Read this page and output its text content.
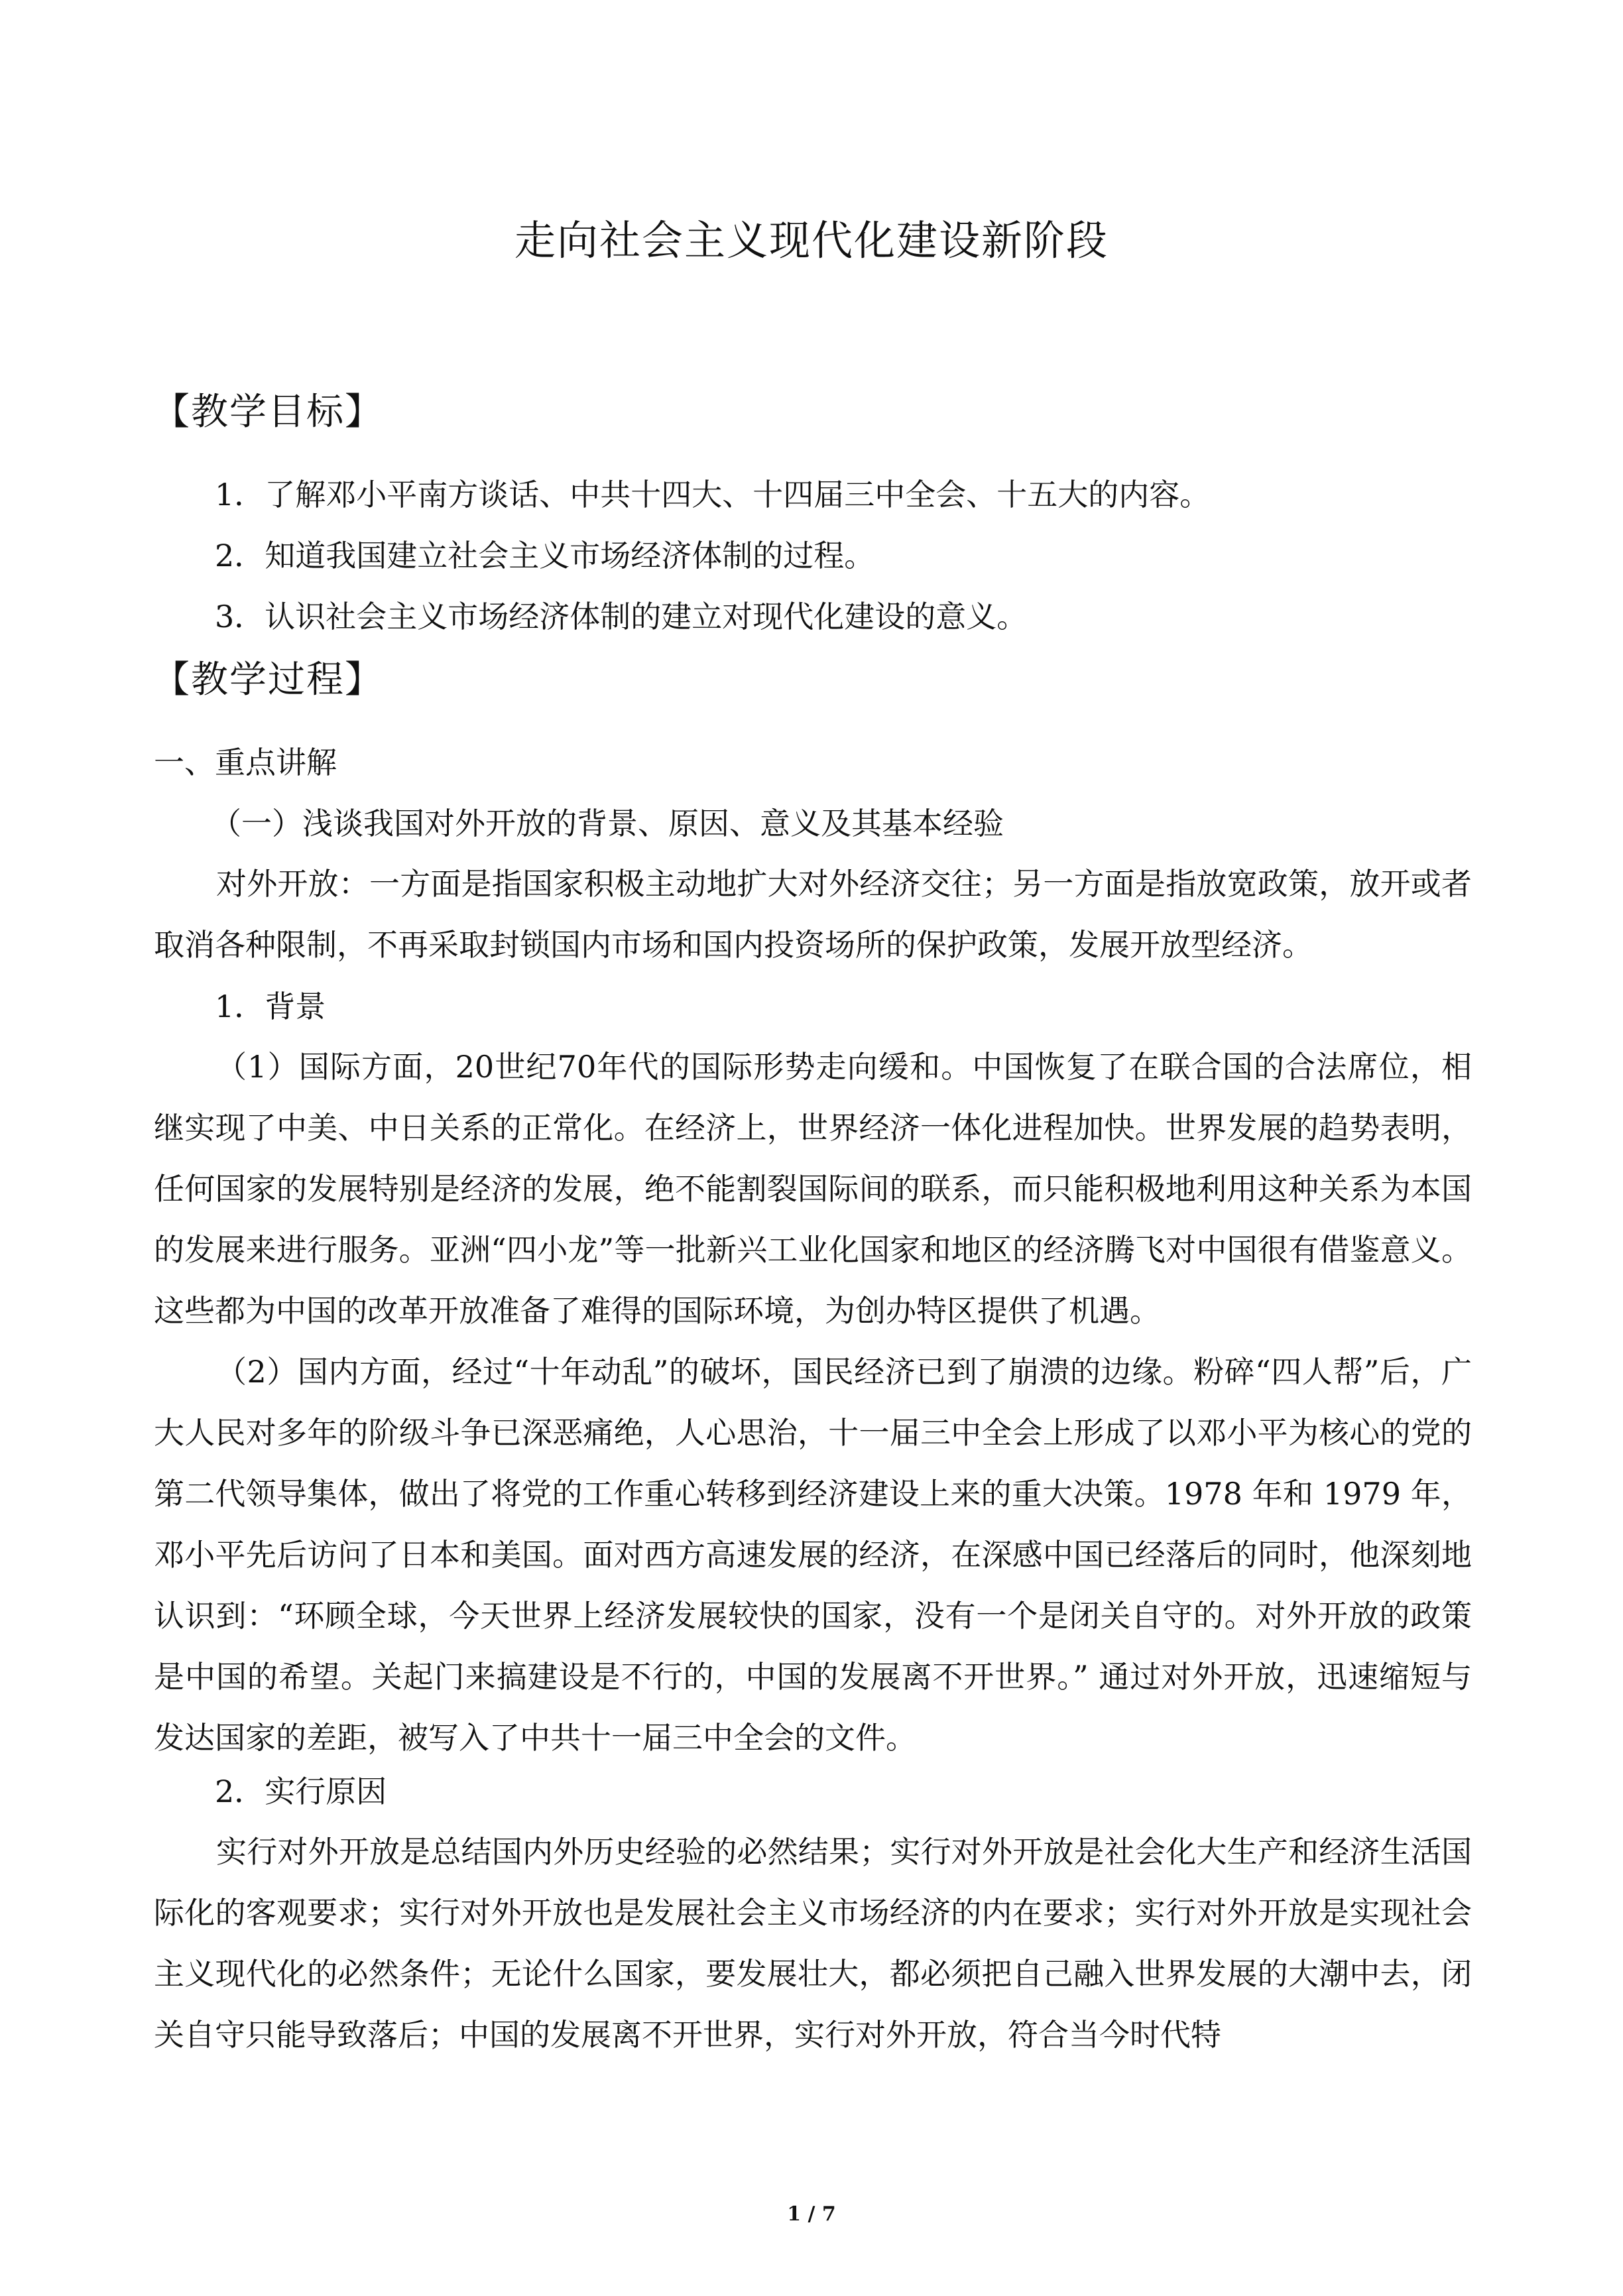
走向社会主义现代化建设新阶段
【教学目标】
1．了解邓小平南方谈话、中共十四大、十四届三中全会、十五大的内容。
2．知道我国建立社会主义市场经济体制的过程。
3．认识社会主义市场经济体制的建立对现代化建设的意义。
【教学过程】
一、重点讲解
（一）浅谈我国对外开放的背景、原因、意义及其基本经验
对外开放：一方面是指国家积极主动地扩大对外经济交往；另一方面是指放宽政策，放开或者取消各种限制，不再采取封锁国内市场和国内投资场所的保护政策，发展开放型经济。
1．背景
（1）国际方面，20世纪70年代的国际形势走向缓和。中国恢复了在联合国的合法席位，相继实现了中美、中日关系的正常化。在经济上，世界经济一体化进程加快。世界发展的趋势表明，任何国家的发展特别是经济的发展，绝不能割裂国际间的联系，而只能积极地利用这种关系为本国的发展来进行服务。亚洲“四小龙”等一批新兴工业化国家和地区的经济腾飞对中国很有借鉴意义。这些都为中国的改革开放准备了难得的国际环境，为创办特区提供了机遇。
（2）国内方面，经过“十年动乱”的破坏，国民经济已到了崩溃的边缘。粉碎“四人帮”后，广大人民对多年的阶级斗争已深恶痛绝，人心思治，十一届三中全会上形成了以邓小平为核心的党的第二代领导集体，做出了将党的工作重心转移到经济建设上来的重大决策。1978 年和 1979 年，邓小平先后访问了日本和美国。面对西方高速发展的经济，在深感中国已经落后的同时，他深刻地认识到：“环顾全球，今天世界上经济发展较快的国家，没有一个是闭关自守的。对外开放的政策是中国的希望。关起门来搞建设是不行的，中国的发展离不开世界。” 通过对外开放，迅速缩短与发达国家的差距，被写入了中共十一届三中全会的文件。
2．实行原因
实行对外开放是总结国内外历史经验的必然结果；实行对外开放是社会化大生产和经济生活国际化的客观要求；实行对外开放也是发展社会主义市场经济的内在要求；实行对外开放是实现社会主义现代化的必然条件；无论什么国家，要发展壮大，都必须把自己融入世界发展的大潮中去，闭关自守只能导致落后；中国的发展离不开世界，实行对外开放，符合当今时代特
1 / 7
